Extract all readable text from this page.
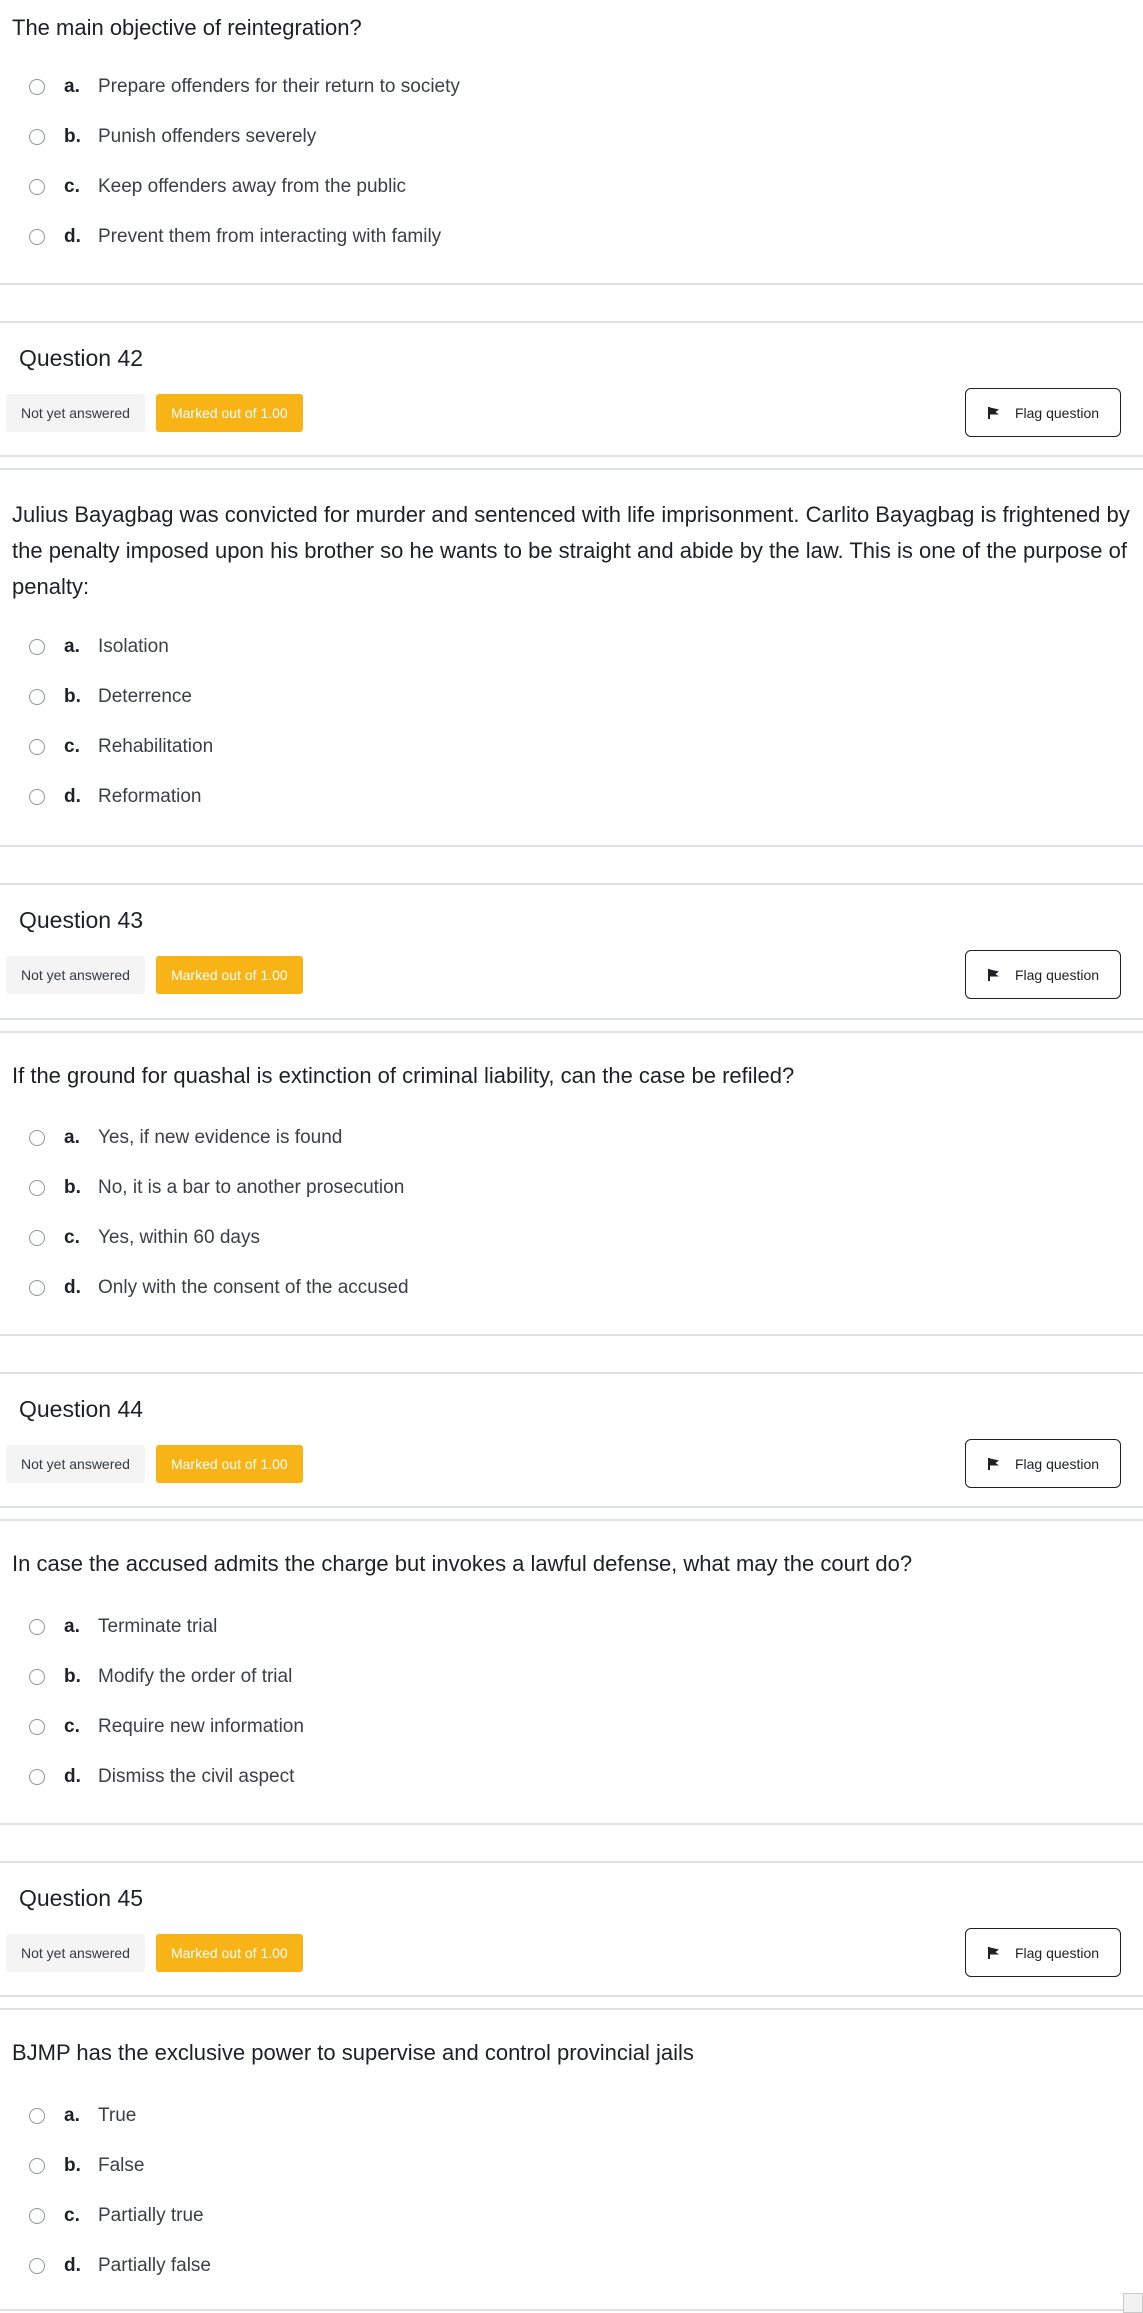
The main objective of reintegration?
a. Prepare offenders for their return to society
b. Punish offenders severely
c. Keep offenders away from the public
d. Prevent them from interacting with family
Question 42
Not yet answered	Marked out of 1.00	Flag question
Julius Bayagbag was convicted for murder and sentenced with life imprisonment. Carlito Bayagbag is frightened by the penalty imposed upon his brother so he wants to be straight and abide by the law. This is one of the purpose of penalty:
a. Isolation
b. Deterrence
c. Rehabilitation
d. Reformation
Question 43
Not yet answered	Marked out of 1.00	Flag question
If the ground for quashal is extinction of criminal liability, can the case be refiled?
a. Yes, if new evidence is found
b. No, it is a bar to another prosecution
c. Yes, within 60 days
d. Only with the consent of the accused
Question 44
Not yet answered	Marked out of 1.00	Flag question
In case the accused admits the charge but invokes a lawful defense, what may the court do?
a. Terminate trial
b. Modify the order of trial
c. Require new information
d. Dismiss the civil aspect
Question 45
Not yet answered	Marked out of 1.00	Flag question
BJMP has the exclusive power to supervise and control provincial jails
a. True
b. False
c. Partially true
d. Partially false
